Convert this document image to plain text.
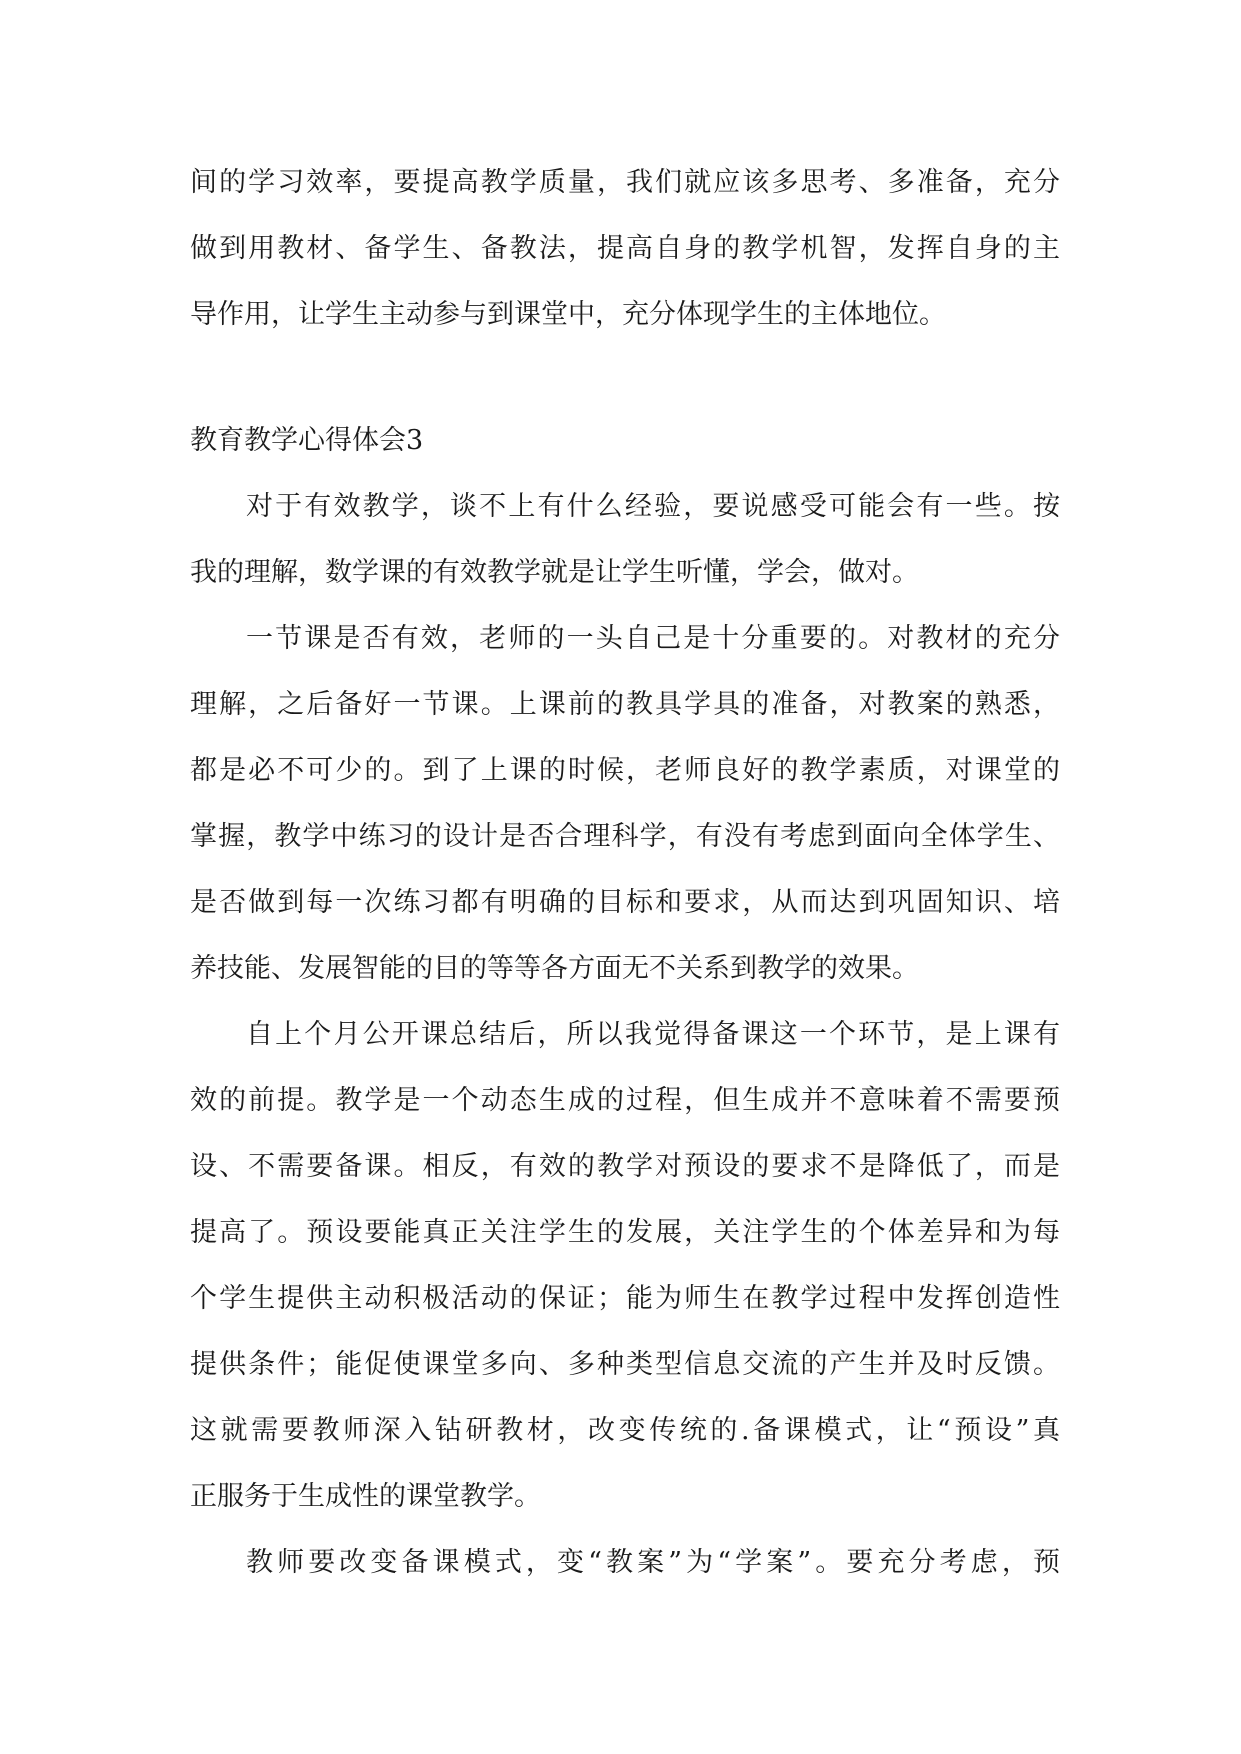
间的学习效率，要提高教学质量，我们就应该多思考、多准备，充分
做到用教材、备学生、备教法，提高自身的教学机智，发挥自身的主
导作用，让学生主动参与到课堂中，充分体现学生的主体地位。
教育教学心得体会3
对于有效教学，谈不上有什么经验，要说感受可能会有一些。按
我的理解，数学课的有效教学就是让学生听懂，学会，做对。
一节课是否有效，老师的一头自己是十分重要的。对教材的充分
理解，之后备好一节课。上课前的教具学具的准备，对教案的熟悉，
都是必不可少的。到了上课的时候，老师良好的教学素质，对课堂的
掌握，教学中练习的设计是否合理科学，有没有考虑到面向全体学生、
是否做到每一次练习都有明确的目标和要求，从而达到巩固知识、培
养技能、发展智能的目的等等各方面无不关系到教学的效果。
自上个月公开课总结后，所以我觉得备课这一个环节，是上课有
效的前提。教学是一个动态生成的过程，但生成并不意味着不需要预
设、不需要备课。相反，有效的教学对预设的要求不是降低了，而是
提高了。预设要能真正关注学生的发展，关注学生的个体差异和为每
个学生提供主动积极活动的保证；能为师生在教学过程中发挥创造性
提供条件；能促使课堂多向、多种类型信息交流的产生并及时反馈。
这就需要教师深入钻研教材，改变传统的.备课模式，让“预设”真
正服务于生成性的课堂教学。
教师要改变备课模式，变“教案”为“学案”。要充分考虑，预
